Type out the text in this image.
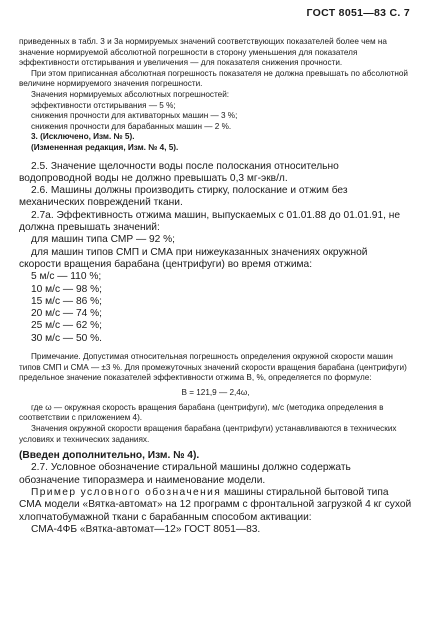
ГОСТ 8051—83 С. 7

приведенных в табл. 3 и 3а нормируемых значений соответствующих показателей более чем на значение нормируемой абсолютной погрешности в сторону уменьшения для показателя эффективности отстирывания и увеличения — для показателя снижения прочности.

При этом приписанная абсолютная погрешность показателя не должна превышать по абсолютной величине нормируемого значения погрешности.

Значения нормируемых абсолютных погрешностей:

эффективности отстирывания — 5 %;

снижения прочности для активаторных машин — 3 %;

снижения прочности для барабанных машин — 2 %.

3. (Исключено, Изм. № 5).

(Измененная редакция, Изм. № 4, 5).

2.5. Значение щелочности воды после полоскания относительно водопроводной воды не должно превышать 0,3 мг-экв/л.

2.6. Машины должны производить стирку, полоскание и отжим без механических повреждений ткани.

2.7а. Эффективность отжима машин, выпускаемых с 01.01.88 до 01.01.91, не должна превышать значений:

для машин типа СМР — 92 %;

для машин типов СМП и СМА при нижеуказанных значениях окружной скорости вращения барабана (центрифуги) во время отжима:

5 м/с — 110 %;
10 м/с — 98 %;
15 м/с — 86 %;
20 м/с — 74 %;
25 м/с — 62 %;
30 м/с — 50 %.

Примечание. Допустимая относительная погрешность определения окружной скорости машин типов СМП и СМА — ±3 %. Для промежуточных значений скорости вращения барабана (центрифуги) предельное значение показателей эффективности отжима В, %, определяется по формуле:

В = 121,9 — 2,4ω,

где ω — окружная скорость вращения барабана (центрифуги), м/с (методика определения в соответствии с приложением 4).

Значения окружной скорости вращения барабана (центрифуги) устанавливаются в технических условиях и технических заданиях.

(Введен дополнительно, Изм. № 4).

2.7. Условное обозначение стиральной машины должно содержать обозначение типоразмера и наименование модели.

Пример условного обозначения машины стиральной бытовой типа СМА модели «Вятка-автомат» на 12 программ с фронтальной загрузкой 4 кг сухой хлопчатобумажной ткани с барабанным способом активации:

СМА-4ФБ «Вятка-автомат—12» ГОСТ 8051—83.
